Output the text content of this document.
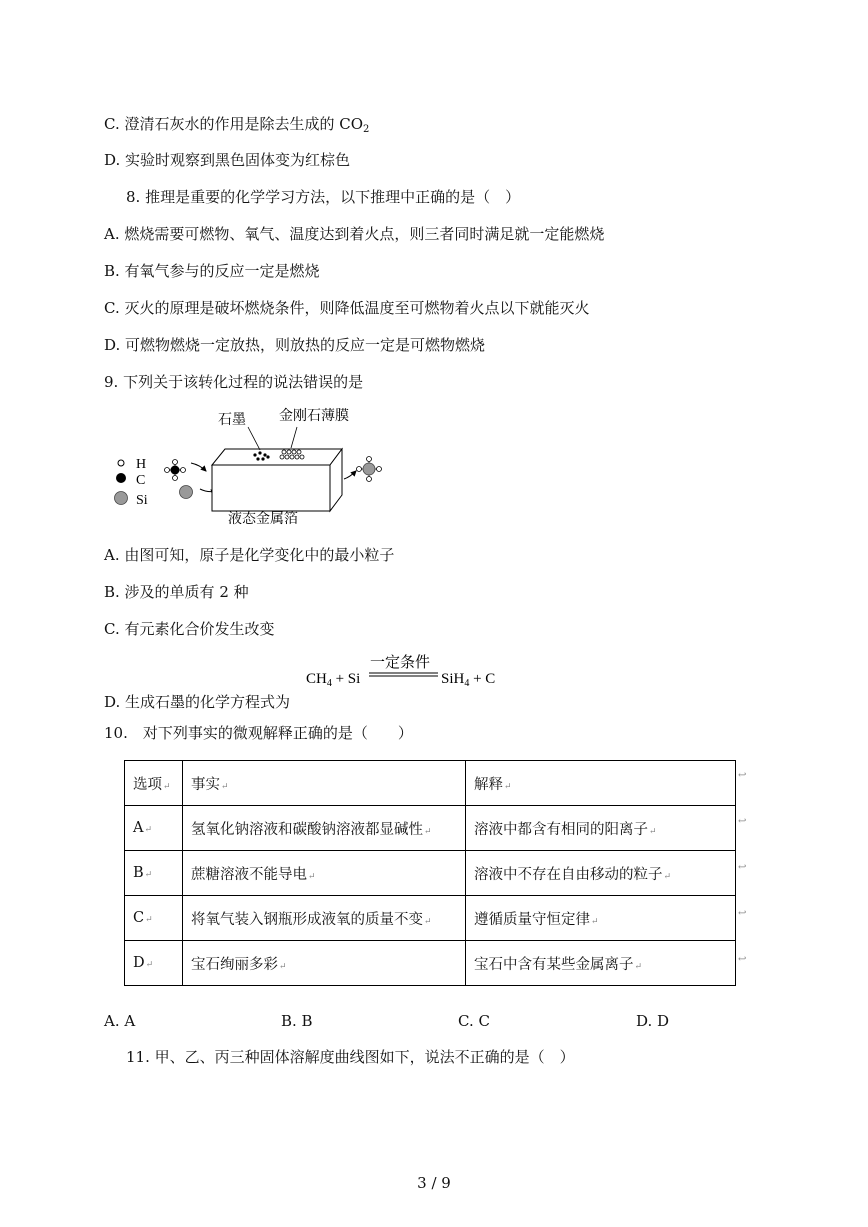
C. 澄清石灰水的作用是除去生成的 $CO_2$
D. 实验时观察到黑色固体变为红棕色
8. 推理是重要的化学学习方法，以下推理中正确的是（　）
A. 燃烧需要可燃物、氧气、温度达到着火点，则三者同时满足就一定能燃烧
B. 有氧气参与的反应一定是燃烧
C. 灭火的原理是破坏燃烧条件，则降低温度至可燃物着火点以下就能灭火
D. 可燃物燃烧一定放热，则放热的反应一定是可燃物燃烧
9. 下列关于该转化过程的说法错误的是
H
C
Si
石墨 金刚石薄膜
液态金属箔
A. 由图可知，原子是化学变化中的最小粒子
B. 涉及的单质有 2 种
C. 有元素化合价发生改变
一定条件
$CH_4 + Si$	SiH$_4$ + C
D. 生成石墨的化学方程式为
10.　对下列事实的微观解释正确的是（　　）
选项↵	事实↵	解释↵
A↵	氢氧化钠溶液和碳酸钠溶液都显碱性↵	溶液中都含有相同的阳离子↵
B↵	蔗糖溶液不能导电↵	溶液中不存在自由移动的粒子↵
C↵	将氧气装入钢瓶形成液氧的质量不变↵	遵循质量守恒定律↵
D↵	宝石绚丽多彩↵	宝石中含有某些金属离子↵
↩
↩
↩
↩
↩
A. A	B. B	C. C	D. D
11. 甲、乙、丙三种固体溶解度曲线图如下，说法不正确的是（　）
3 / 9
